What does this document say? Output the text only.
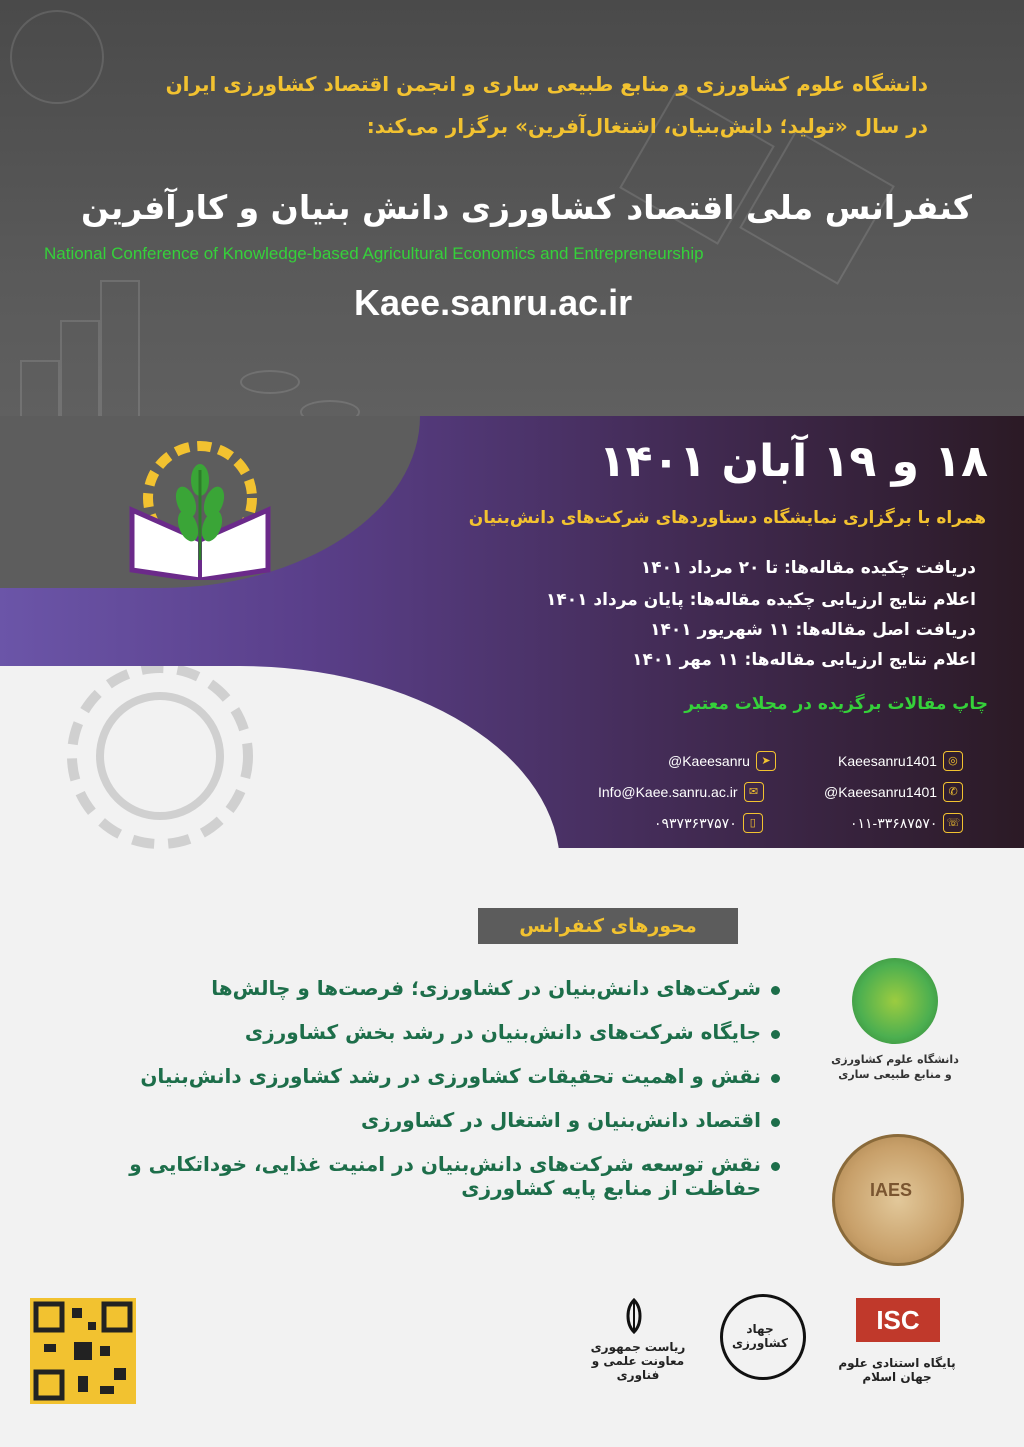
دانشگاه علوم کشاورزی و منابع طبیعی ساری و انجمن اقتصاد کشاورزی ایران
در سال «تولید؛ دانش‌بنیان، اشتغال‌آفرین» برگزار می‌کند:
کنفرانس ملی اقتصاد کشاورزی دانش بنیان و کارآفرین
National Conference of Knowledge-based Agricultural Economics and Entrepreneurship
Kaee.sanru.ac.ir
۱۸ و ۱۹ آبان ۱۴۰۱
همراه با برگزاری نمایشگاه دستاوردهای شرکت‌های دانش‌بنیان
دریافت چکیده مقاله‌ها: تا ۲۰ مرداد ۱۴۰۱
اعلام نتایج ارزیابی چکیده مقاله‌ها: پایان مرداد ۱۴۰۱
دریافت اصل مقاله‌ها: ۱۱ شهریور ۱۴۰۱
اعلام نتایج ارزیابی مقاله‌ها: ۱۱ مهر ۱۴۰۱
چاپ مقالات برگزیده در مجلات معتبر
@Kaeesanru	➤	Kaeesanru1401	◎
Info@Kaee.sanru.ac.ir	✉	@Kaeesanru1401	✆
۰۹۳۷۳۶۳۷۵۷۰	▯	۰۱۱-۳۳۶۸۷۵۷۰ ☏
محورهای کنفرانس
شرکت‌های دانش‌بنیان در کشاورزی؛ فرصت‌ها و چالش‌ها
جایگاه شرکت‌های دانش‌بنیان در رشد بخش کشاورزی
نقش و اهمیت تحقیقات کشاورزی در رشد کشاورزی دانش‌بنیان
اقتصاد دانش‌بنیان و اشتغال در کشاورزی
نقش توسعه شرکت‌های دانش‌بنیان در امنیت غذایی، خوداتکایی و حفاظت از منابع پایه کشاورزی
دانشگاه علوم کشاورزی و منابع طبیعی ساری
IAES
ریاست جمهوری معاونت علمی و فناوری
جهاد کشاورزی
ISC
پایگاه استنادی علوم جهان اسلام
